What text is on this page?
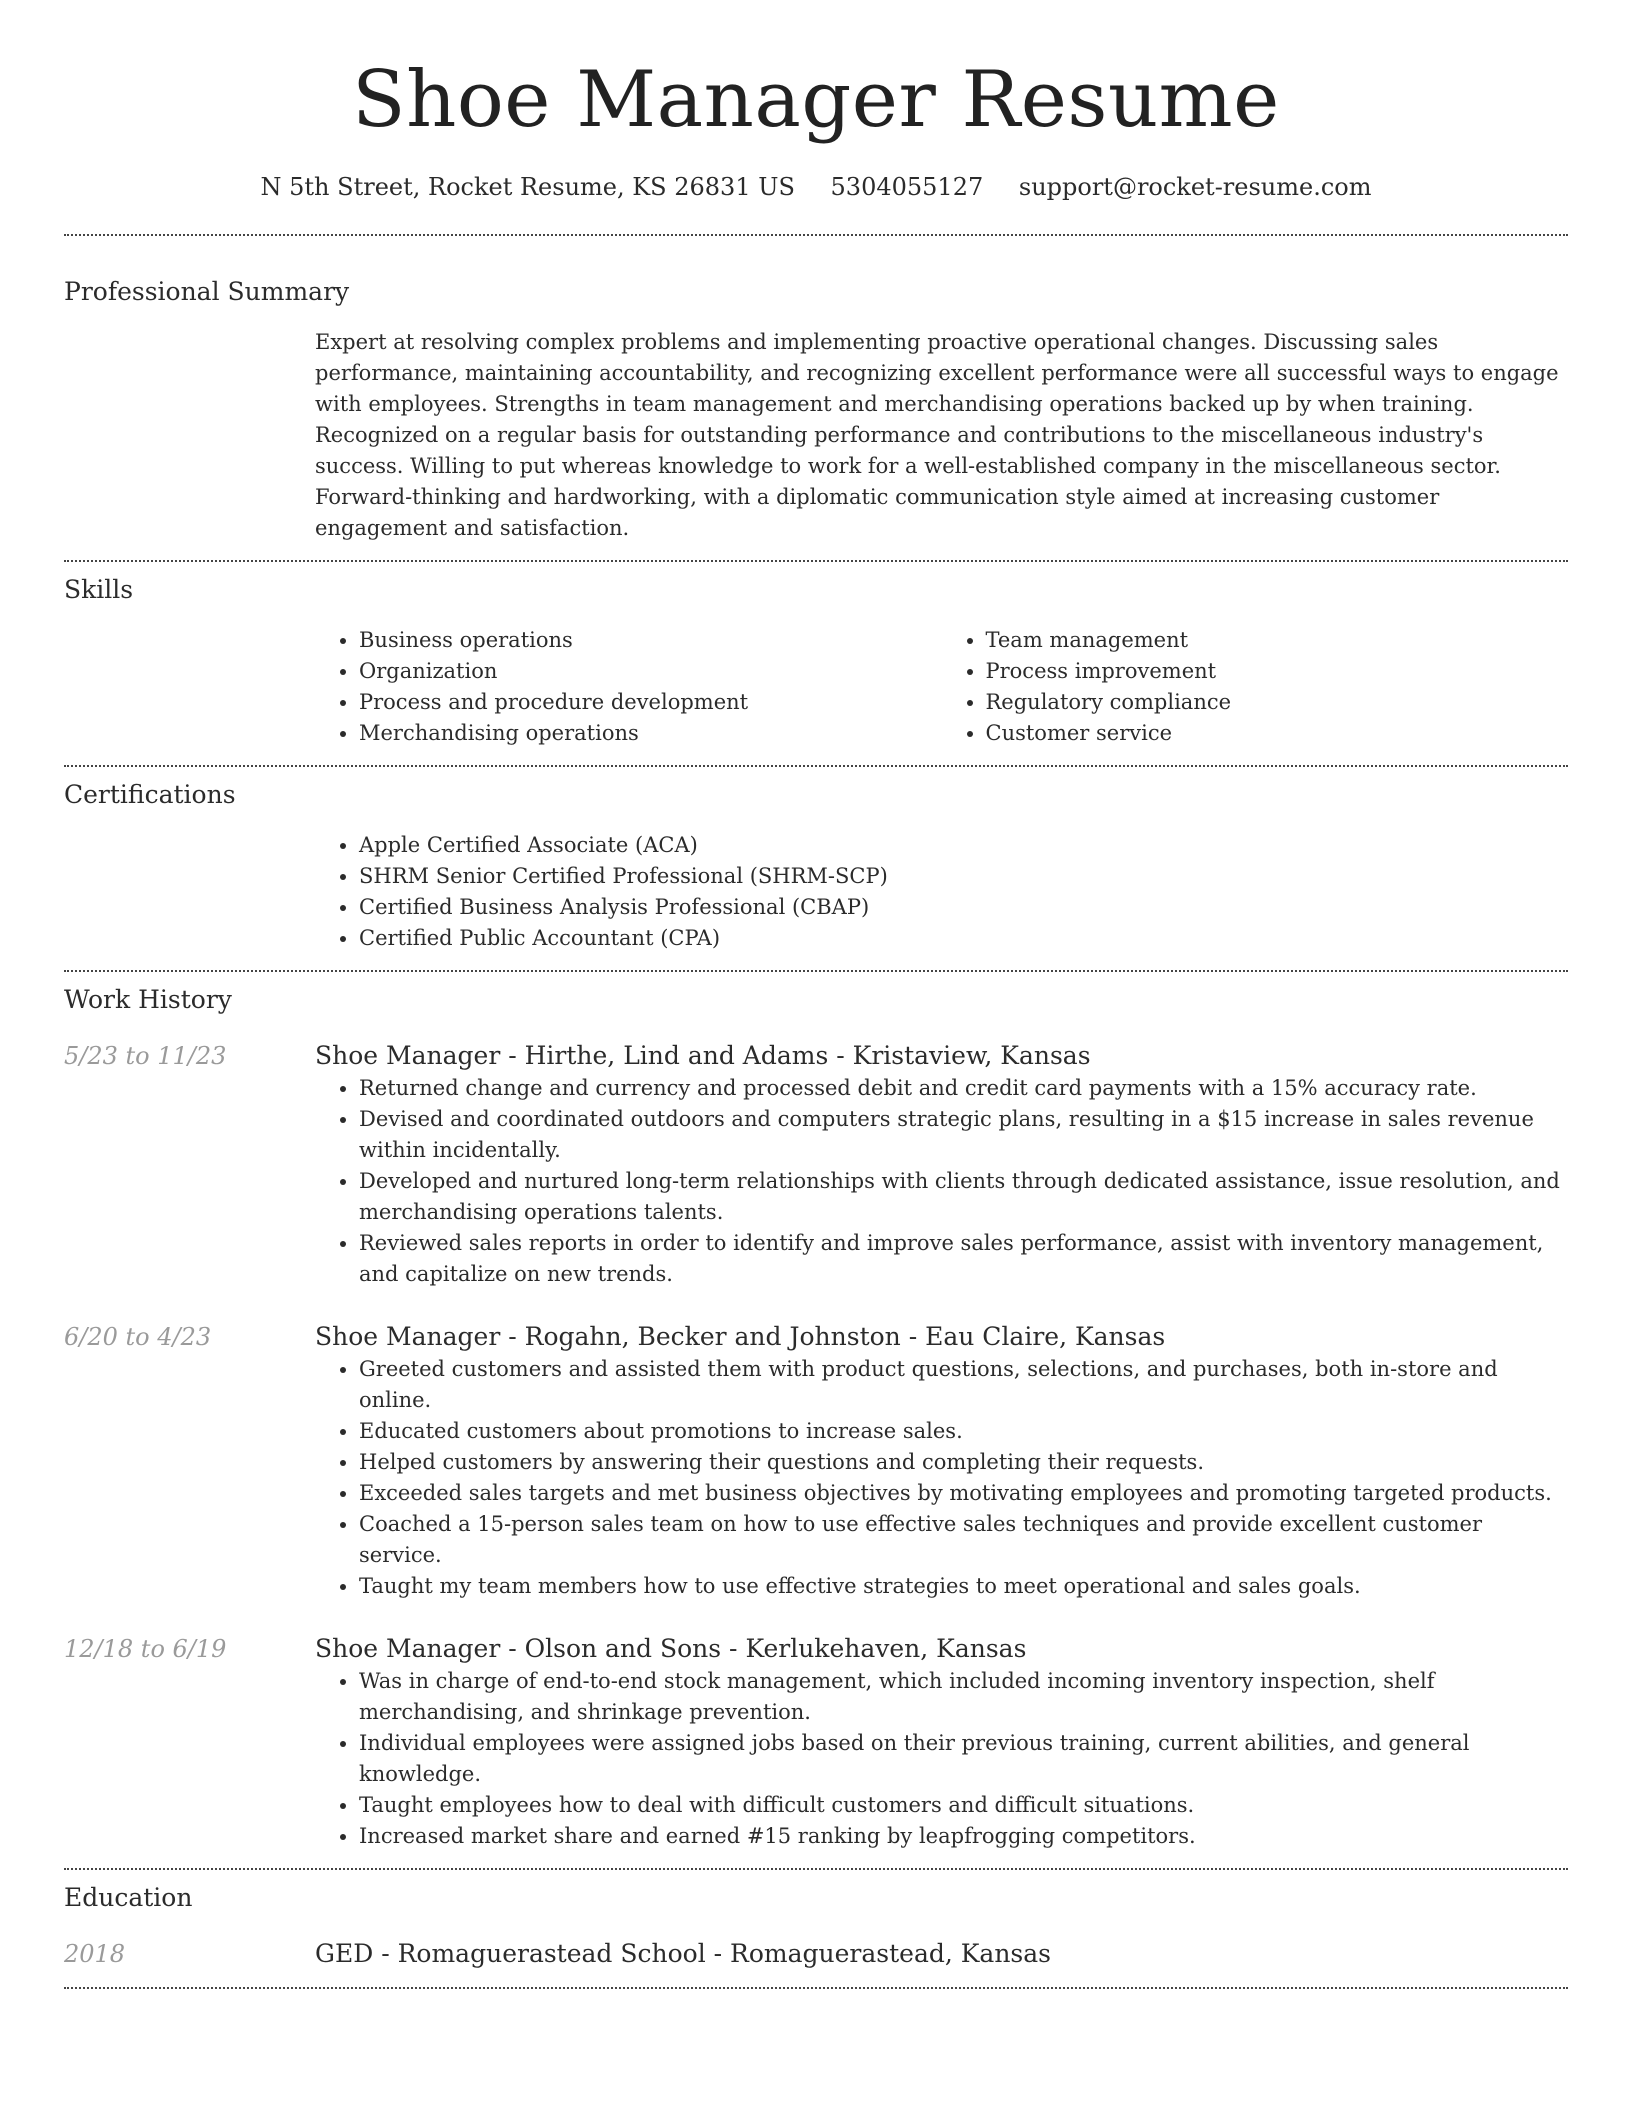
Shoe Manager Resume
N 5th Street, Rocket Resume, KS 26831 US 5304055127 support@rocket-resume.com
Professional Summary

Expert at resolving complex problems and implementing proactive operational changes. Discussing sales performance, maintaining accountability, and recognizing excellent performance were all successful ways to engage with employees. Strengths in team management and merchandising operations backed up by when training. Recognized on a regular basis for outstanding performance and contributions to the miscellaneous industry's success. Willing to put whereas knowledge to work for a well-established company in the miscellaneous sector. Forward-thinking and hardworking, with a diplomatic communication style aimed at increasing customer engagement and satisfaction.

Skills
• Business operations
• Organization
• Process and procedure development
• Merchandising operations
• Team management
• Process improvement
• Regulatory compliance
• Customer service
Certifications
• Apple Certified Associate (ACA)
• SHRM Senior Certified Professional (SHRM-SCP)
• Certified Business Analysis Professional (CBAP)
• Certified Public Accountant (CPA)
Work History
5/23 to 11/23	Shoe Manager - Hirthe, Lind and Adams - Kristaview, Kansas
• Returned change and currency and processed debit and credit card payments with a 15% accuracy rate.
• Devised and coordinated outdoors and computers strategic plans, resulting in a $15 increase in sales revenue within incidentally.
• Developed and nurtured long-term relationships with clients through dedicated assistance, issue resolution, and merchandising operations talents.
• Reviewed sales reports in order to identify and improve sales performance, assist with inventory management, and capitalize on new trends.
6/20 to 4/23	Shoe Manager - Rogahn, Becker and Johnston - Eau Claire, Kansas
• Greeted customers and assisted them with product questions, selections, and purchases, both in-store and online.
• Educated customers about promotions to increase sales.
• Helped customers by answering their questions and completing their requests.
• Exceeded sales targets and met business objectives by motivating employees and promoting targeted products.
• Coached a 15-person sales team on how to use effective sales techniques and provide excellent customer service.
• Taught my team members how to use effective strategies to meet operational and sales goals.
12/18 to 6/19	Shoe Manager - Olson and Sons - Kerlukehaven, Kansas
• Was in charge of end-to-end stock management, which included incoming inventory inspection, shelf merchandising, and shrinkage prevention.
• Individual employees were assigned jobs based on their previous training, current abilities, and general knowledge.
• Taught employees how to deal with difficult customers and difficult situations.
• Increased market share and earned #15 ranking by leapfrogging competitors.
Education
2018	GED - Romaguerastead School - Romaguerastead, Kansas
